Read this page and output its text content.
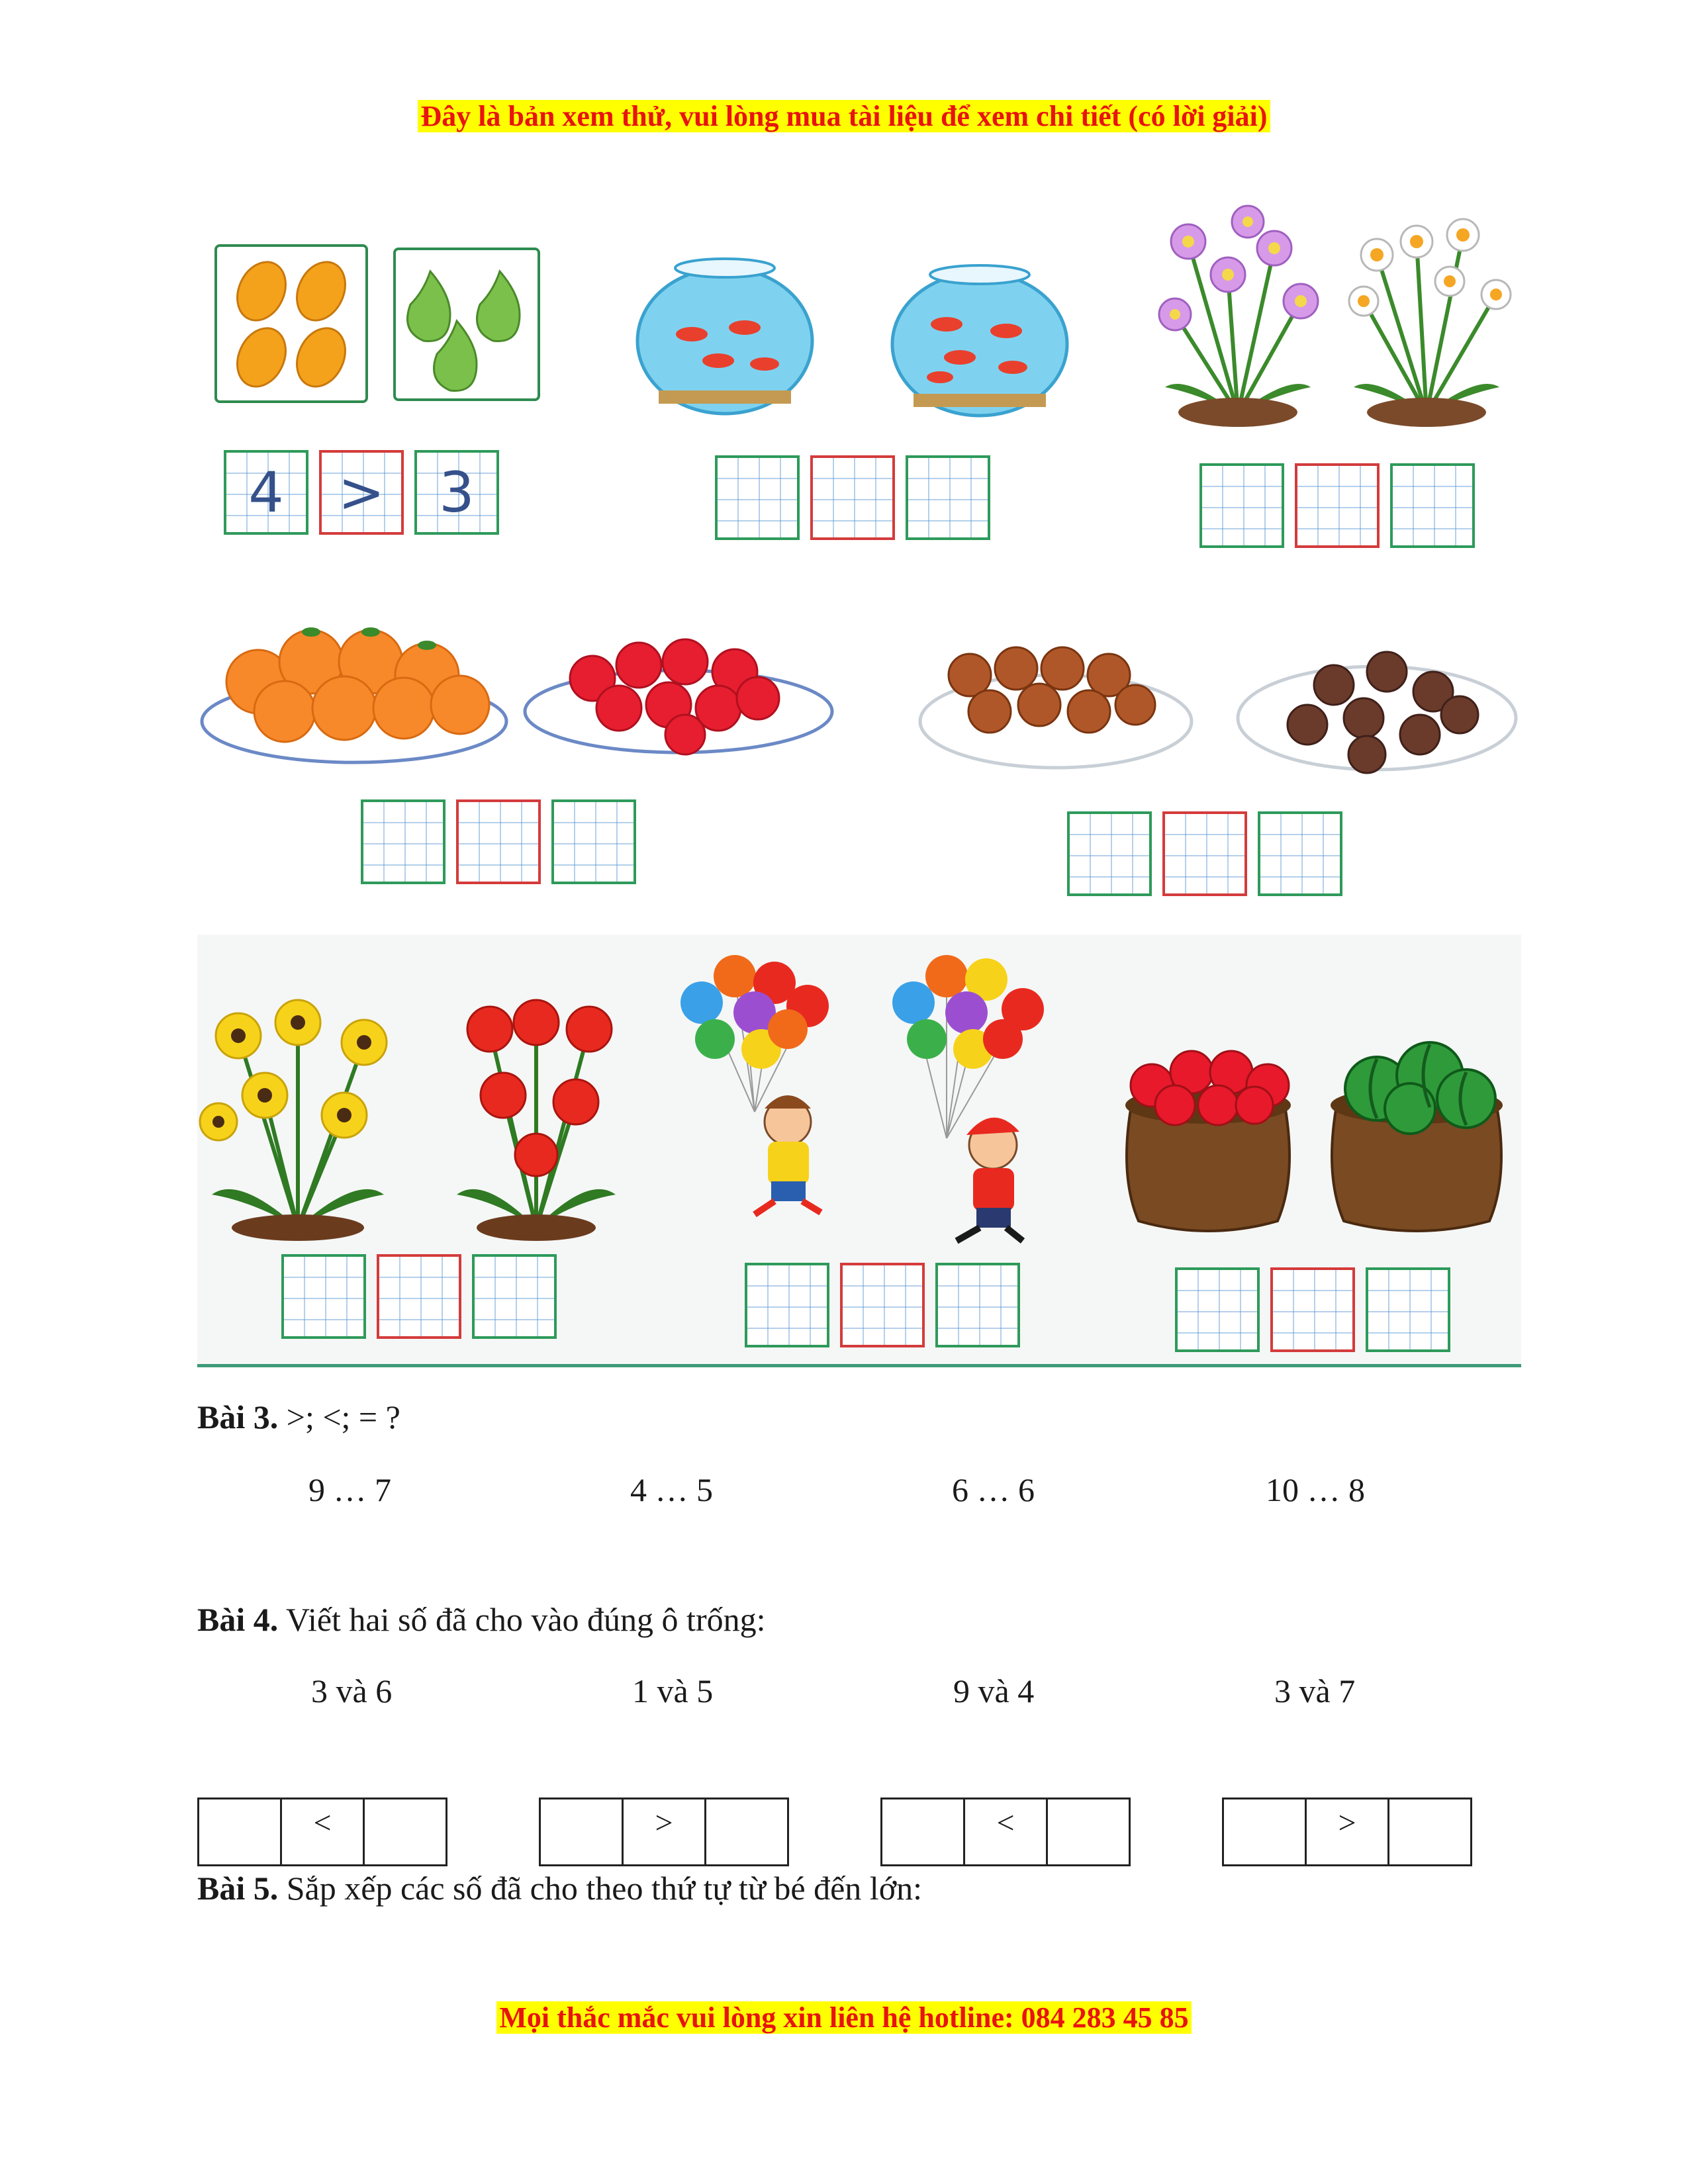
Đây là bản xem thử, vui lòng mua tài liệu để xem chi tiết (có lời giải)
4 > 3
Bài 3. >; <; = ?
9 … 7	4 … 5	6 … 6	10 … 8
Bài 4. Viết hai số đã cho vào đúng ô trống:
3 và 6	1 và 5	9 và 4	3 và 7
	<	
		>	
		<	
		>	
Bài 5. Sắp xếp các số đã cho theo thứ tự từ bé đến lớn:
Mọi thắc mắc vui lòng xin liên hệ hotline: 084 283 45 85
